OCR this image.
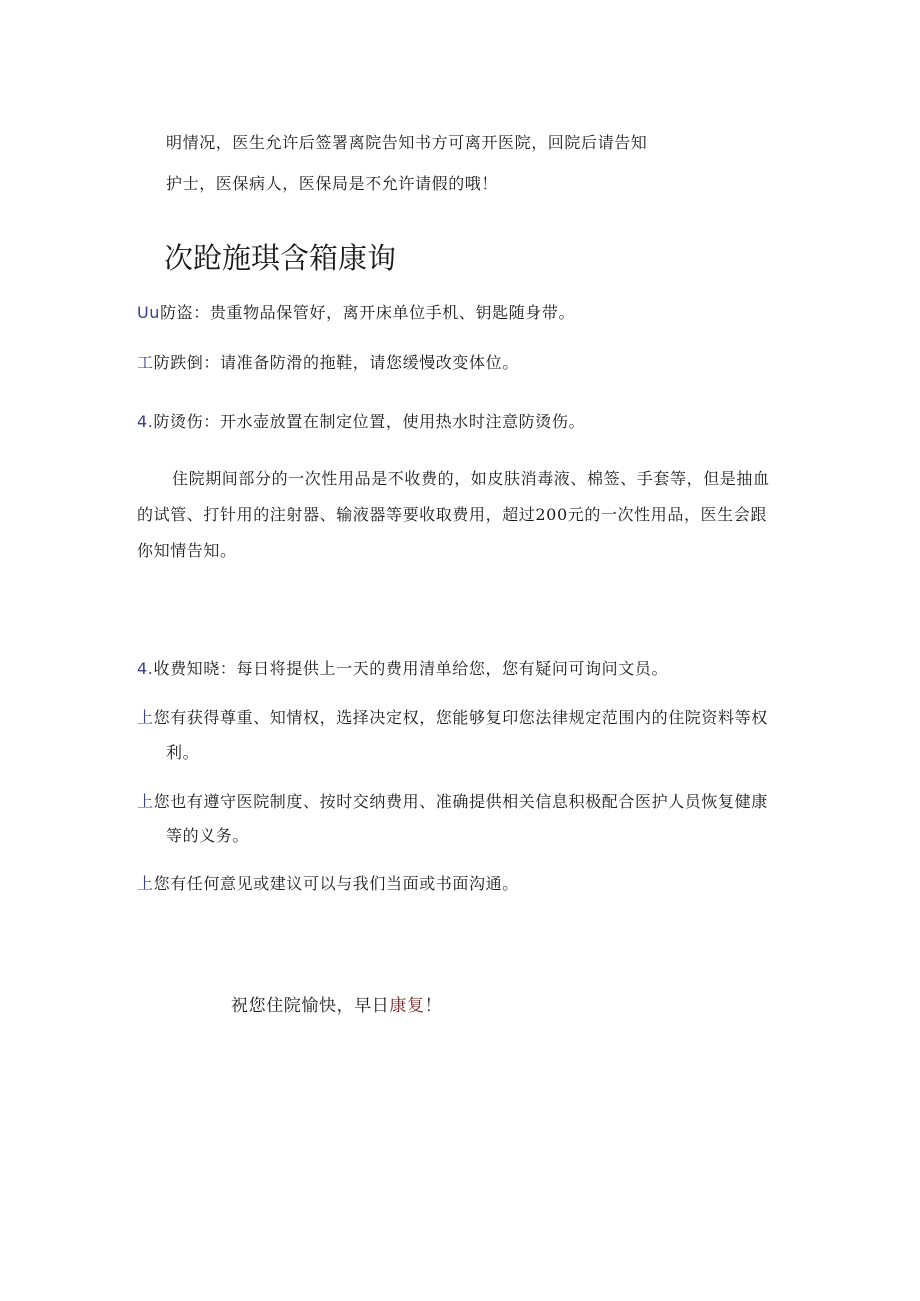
明情况，医生允许后签署离院告知书方可离开医院，回院后请告知
护士，医保病人，医保局是不允许请假的哦！
次跄施琪含箱康询
Uu防盗：贵重物品保管好，离开床单位手机、钥匙随身带。
工防跌倒：请准备防滑的拖鞋，请您缓慢改变体位。
4.防烫伤：开水壶放置在制定位置，使用热水时注意防烫伤。
住院期间部分的一次性用品是不收费的，如皮肤消毒液、棉签、手套等，但是抽血
的试管、打针用的注射器、输液器等要收取费用，超过200元的一次性用品，医生会跟
你知情告知。
4.收费知晓：每日将提供上一天的费用清单给您，您有疑问可询问文员。
上您有获得尊重、知情权，选择决定权，您能够复印您法律规定范围内的住院资料等权
利。
上您也有遵守医院制度、按时交纳费用、准确提供相关信息积极配合医护人员恢复健康
等的义务。
上您有任何意见或建议可以与我们当面或书面沟通。
祝您住院愉快，早日康复！
